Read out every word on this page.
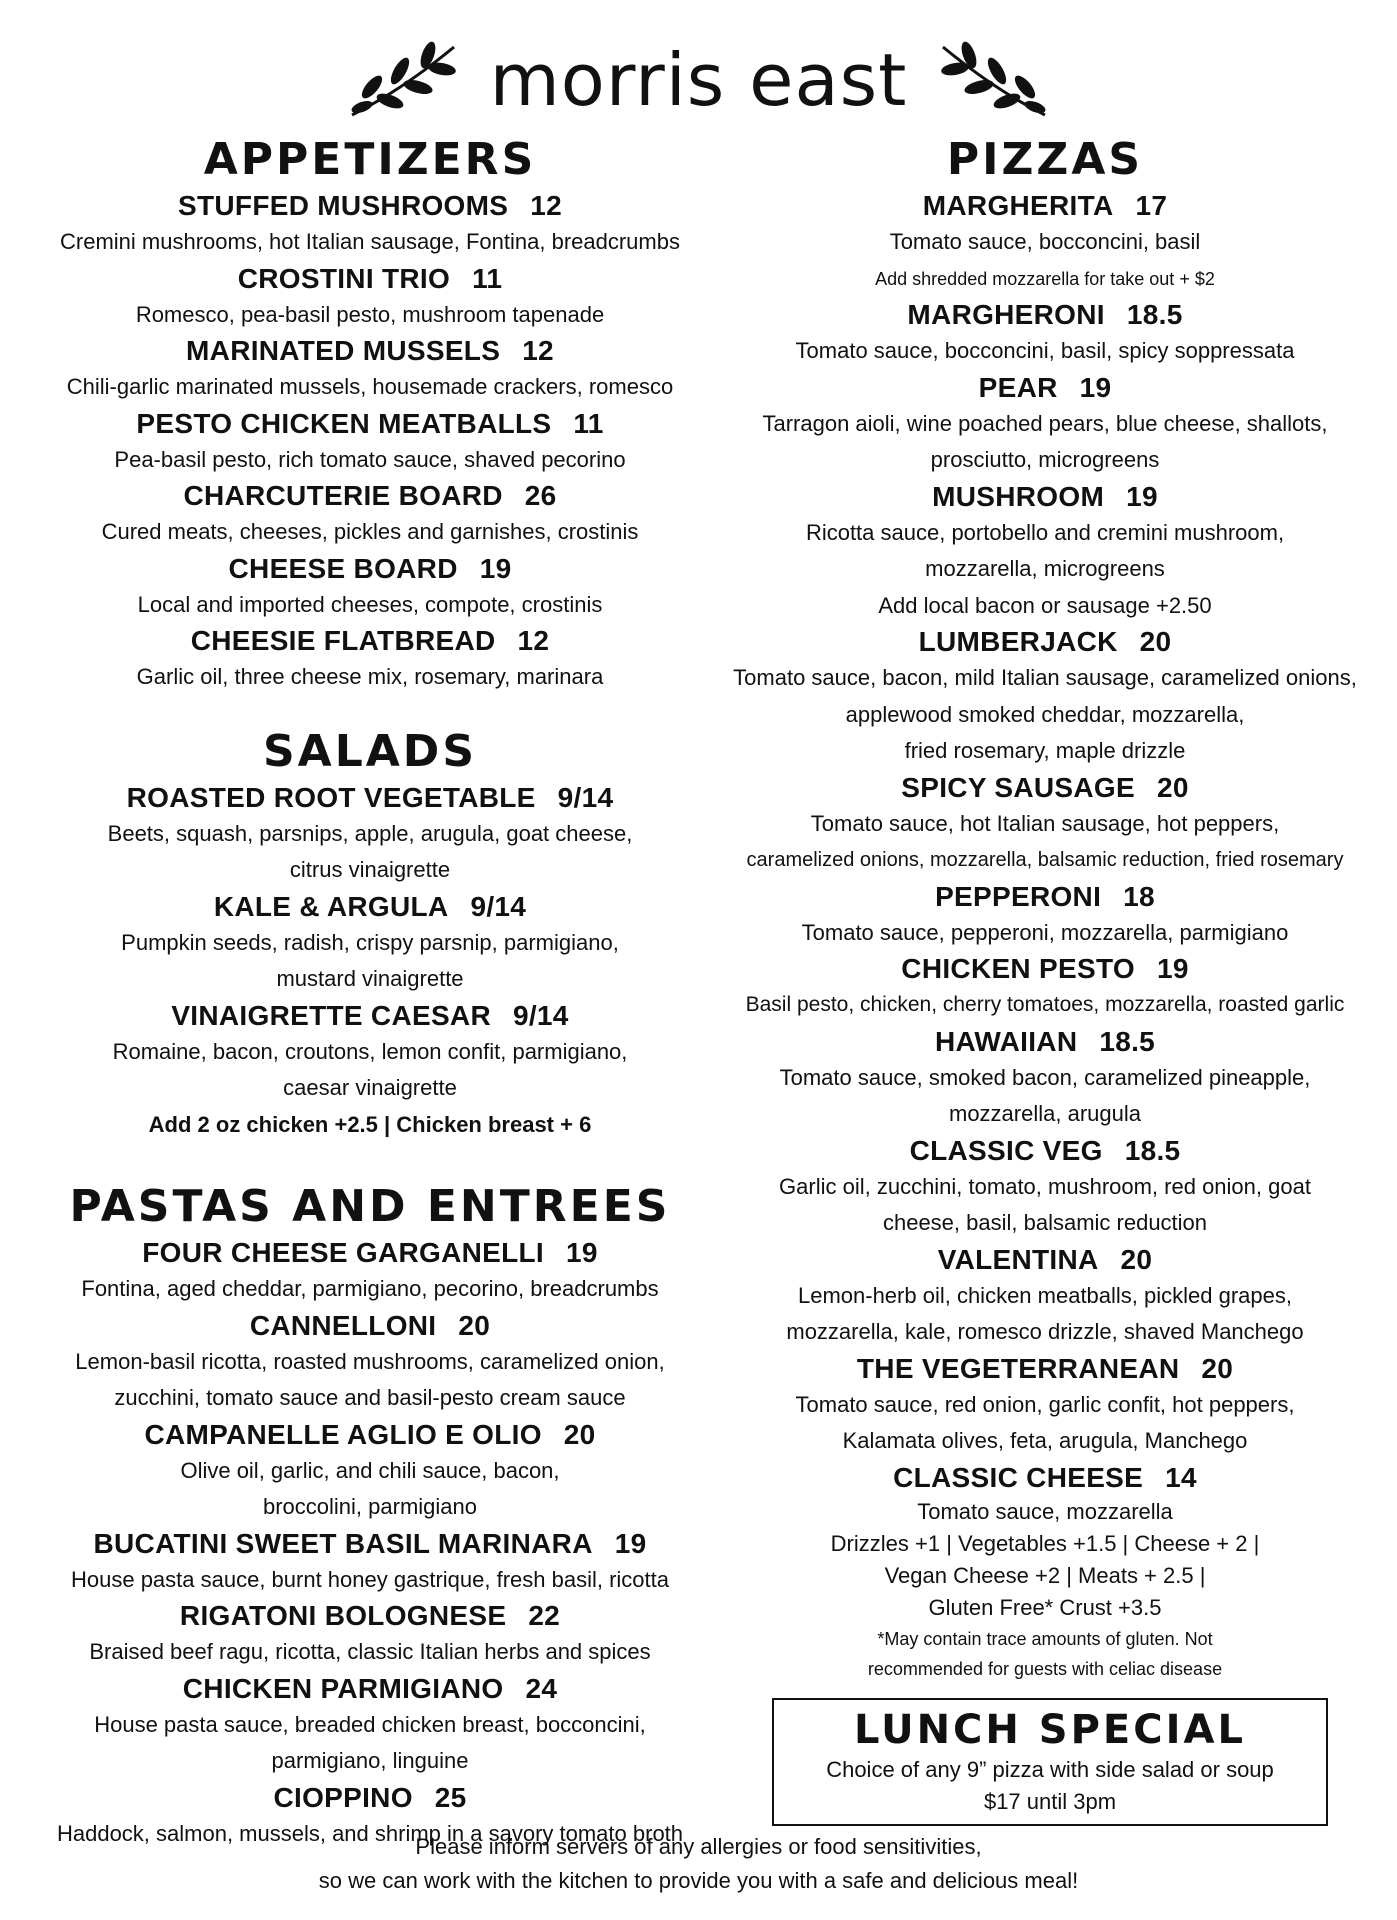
morris east
APPETIZERS
STUFFED MUSHROOMS 12
Cremini mushrooms, hot Italian sausage, Fontina, breadcrumbs
CROSTINI TRIO 11
Romesco, pea-basil pesto, mushroom tapenade
MARINATED MUSSELS 12
Chili-garlic marinated mussels, housemade crackers, romesco
PESTO CHICKEN MEATBALLS 11
Pea-basil pesto, rich tomato sauce, shaved pecorino
CHARCUTERIE BOARD 26
Cured meats, cheeses, pickles and garnishes, crostinis
CHEESE BOARD 19
Local and imported cheeses, compote, crostinis
CHEESIE FLATBREAD 12
Garlic oil, three cheese mix, rosemary, marinara
SALADS
ROASTED ROOT VEGETABLE 9/14
Beets, squash, parsnips, apple, arugula, goat cheese,
citrus vinaigrette
KALE & ARGULA 9/14
Pumpkin seeds, radish, crispy parsnip, parmigiano,
mustard vinaigrette
VINAIGRETTE CAESAR 9/14
Romaine, bacon, croutons, lemon confit, parmigiano,
caesar vinaigrette
Add 2 oz chicken +2.5 | Chicken breast + 6
PASTAS AND ENTREES
FOUR CHEESE GARGANELLI 19
Fontina, aged cheddar, parmigiano, pecorino, breadcrumbs
CANNELLONI 20
Lemon-basil ricotta, roasted mushrooms, caramelized onion,
zucchini, tomato sauce and basil-pesto cream sauce
CAMPANELLE AGLIO E OLIO 20
Olive oil, garlic, and chili sauce, bacon,
broccolini, parmigiano
BUCATINI SWEET BASIL MARINARA 19
House pasta sauce, burnt honey gastrique, fresh basil, ricotta
RIGATONI BOLOGNESE 22
Braised beef ragu, ricotta, classic Italian herbs and spices
CHICKEN PARMIGIANO 24
House pasta sauce, breaded chicken breast, bocconcini,
parmigiano, linguine
CIOPPINO 25
Haddock, salmon, mussels, and shrimp in a savory tomato broth
PIZZAS
MARGHERITA 17
Tomato sauce, bocconcini, basil
Add shredded mozzarella for take out + $2
MARGHERONI 18.5
Tomato sauce, bocconcini, basil, spicy soppressata
PEAR 19
Tarragon aioli, wine poached pears, blue cheese, shallots,
prosciutto, microgreens
MUSHROOM 19
Ricotta sauce, portobello and cremini mushroom,
mozzarella, microgreens
Add local bacon or sausage +2.50
LUMBERJACK 20
Tomato sauce, bacon, mild Italian sausage, caramelized onions,
applewood smoked cheddar, mozzarella,
fried rosemary, maple drizzle
SPICY SAUSAGE 20
Tomato sauce, hot Italian sausage, hot peppers,
caramelized onions, mozzarella, balsamic reduction, fried rosemary
PEPPERONI 18
Tomato sauce, pepperoni, mozzarella, parmigiano
CHICKEN PESTO 19
Basil pesto, chicken, cherry tomatoes, mozzarella, roasted garlic
HAWAIIAN 18.5
Tomato sauce, smoked bacon, caramelized pineapple,
mozzarella, arugula
CLASSIC VEG 18.5
Garlic oil, zucchini, tomato, mushroom, red onion, goat
cheese, basil, balsamic reduction
VALENTINA 20
Lemon-herb oil, chicken meatballs, pickled grapes,
mozzarella, kale, romesco drizzle, shaved Manchego
THE VEGETERRANEAN 20
Tomato sauce, red onion, garlic confit, hot peppers,
Kalamata olives, feta, arugula, Manchego
CLASSIC CHEESE 14
Tomato sauce, mozzarella
Drizzles +1 | Vegetables +1.5 | Cheese + 2 |
Vegan Cheese +2 | Meats + 2.5 |
Gluten Free* Crust +3.5
*May contain trace amounts of gluten. Not
recommended for guests with celiac disease
LUNCH SPECIAL
Choice of any 9” pizza with side salad or soup
$17 until 3pm
Please inform servers of any allergies or food sensitivities,
so we can work with the kitchen to provide you with a safe and delicious meal!
